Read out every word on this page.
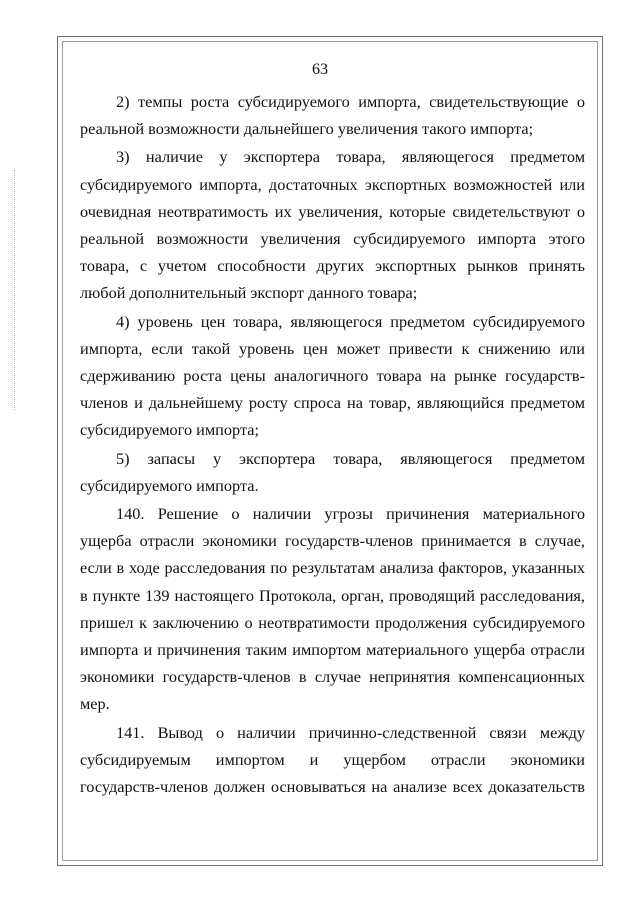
63
2) темпы роста субсидируемого импорта, свидетельствующие о
реальной возможности дальнейшего увеличения такого импорта;
3) наличие у экспортера товара, являющегося предметом
субсидируемого импорта, достаточных экспортных возможностей или
очевидная неотвратимость их увеличения, которые свидетельствуют о
реальной возможности увеличения субсидируемого импорта этого
товара, с учетом способности других экспортных рынков принять
любой дополнительный экспорт данного товара;
4) уровень цен товара, являющегося предметом субсидируемого
импорта, если такой уровень цен может привести к снижению или
сдерживанию роста цены аналогичного товара на рынке государств-
членов и дальнейшему росту спроса на товар, являющийся предметом
субсидируемого импорта;
5) запасы у экспортера товара, являющегося предметом
субсидируемого импорта.
140. Решение о наличии угрозы причинения материального
ущерба отрасли экономики государств-членов принимается в случае,
если в ходе расследования по результатам анализа факторов, указанных
в пункте 139 настоящего Протокола, орган, проводящий расследования,
пришел к заключению о неотвратимости продолжения субсидируемого
импорта и причинения таким импортом материального ущерба отрасли
экономики государств-членов в случае непринятия компенсационных
мер.
141. Вывод о наличии причинно-следственной связи между
субсидируемым импортом и ущербом отрасли экономики
государств-членов должен основываться на анализе всех доказательств
